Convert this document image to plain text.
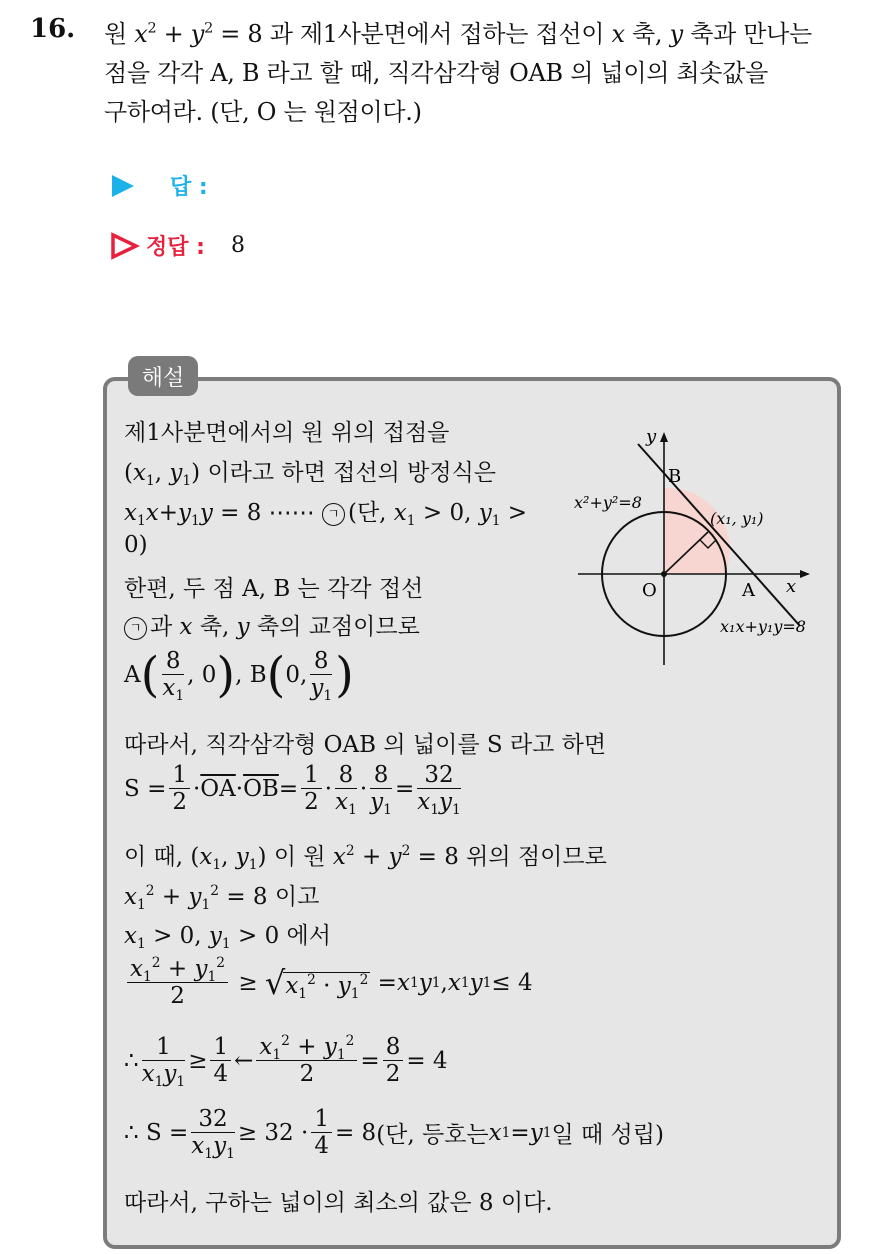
16. 원 $x^2 + y^2 = 8$ 과 제1사분면에서 접하는 접선이 x 축, y 축과 만나는
점을 각각 A, B 라고 할 때, 직각삼각형 OAB 의 넓이의 최솟값을
구하여라. (단, O 는 원점이다.)
답 :
정답 : 8
해설
제1사분면에서의 원 위의 접점을
($x_1$, $y_1$) 이라고 하면 접선의 방정식은
$x_1x+y_1y = 8$ ⋯⋯ ㄱ (단, $x_1 > 0$, $y_1$ >
0)
한편, 두 점 A, B 는 각각 접선
ㄱ 과 x 축, y 축의 교점이므로
A ( $\frac{8}{x_1}$ , 0 ) , B ( 0, $\frac{8}{y_1}$ )
따라서, 직각삼각형 OAB 의 넓이를 S 라고 하면
$S = \frac{1}{2} \cdot \overline{OA} \cdot \overline{OB} = \frac{1}{2} \cdot \frac{8}{x_1} \cdot \frac{8}{y_1} = \frac{32}{x_1y_1}$
이 때, ($x_1$, $y_1$) 이 원 $x^2 + y^2 = 8$ 위의 점이므로
$x_1^2 + y_1^2 = 8$ 이고
$x_1 > 0$, $y_1 > 0$ 에서
$\frac{x_1^2 + y_1^2}{2}$ ≥ √ $x_1^2 \cdot y_1^2 = x$ 1 y 1 , x 1 y 1 ≤ 4
∴ $\frac{1}{x_1y_1} \ge \frac{1}{4}$ ← $\frac{x_1^2 + y_1^2}{2} = \frac{8}{2} = 4$
∴ $S = \frac{32}{x_1y_1} \ge 32 \cdot \frac{1}{4} = 8$ (단, 등호는 x 1 = y 1 일 때 성립)
따라서, 구하는 넓이의 최소의 값은 8 이다.
y
x
O	A
B
x²+y²=8
(x₁, y₁)
x₁x+y₁y=8
